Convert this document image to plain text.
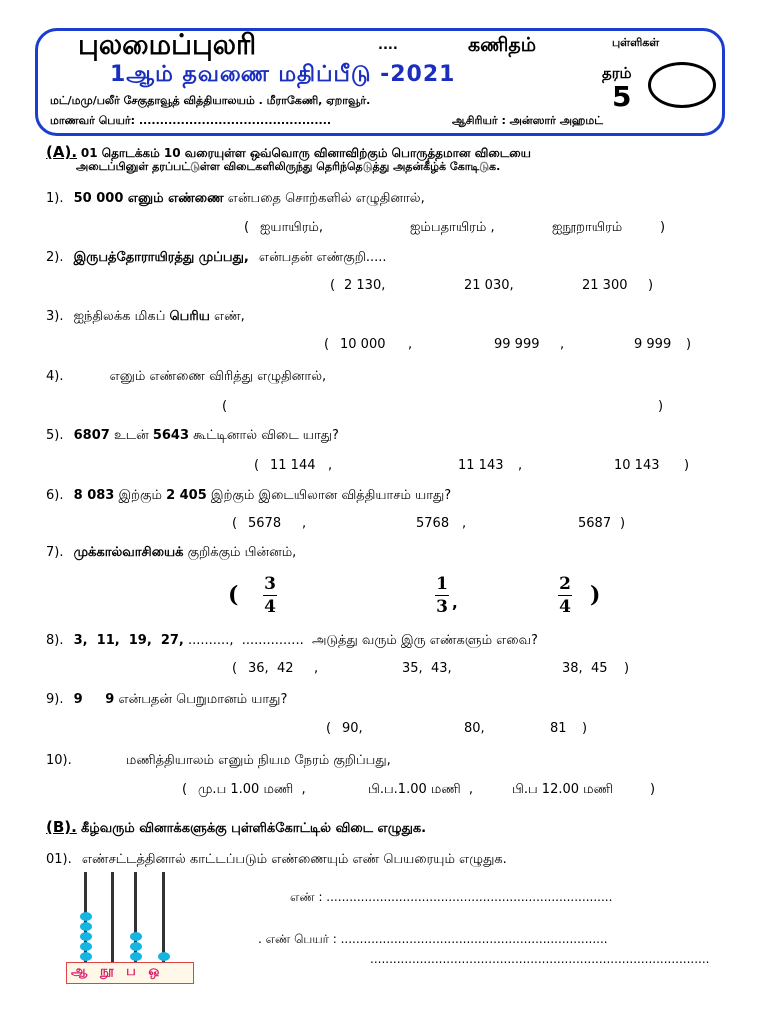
புலமைப்புலரி	....	கணிதம்	புள்ளிகள்
1ஆம் தவணை மதிப்பீடு -2021	தரம்
5
மட்/மமு/பலீர் சேகுதாவூத் வித்தியாலயம் . மீராகேணி, ஏறாவூர்.
மாணவர் பெயர்: ..............................................	ஆசிரியர் : அன்ஸார் அஹமட்
(A). 01 தொடக்கம் 10 வரையுள்ள ஒவ்வொரு வினாவிற்கும் பொருத்தமான விடையை
அடைப்பினுள் தரப்பட்டுள்ள விடைகளிலிருந்து தெரிந்தெடுத்து அதன்கீழ்க் கோடிடுக.
1). 50 000 எனும் எண்ணை என்பதை சொற்களில் எழுதினால்,
( ஐயாயிரம்,	ஐம்பதாயிரம் ,	ஐநூறாயிரம்	)
2). இருபத்தோராயிரத்து முப்பது, என்பதன் எண்குறி.....
( 2 130,	21 030,	21 300 )
3). ஐந்திலக்க மிகப் பெரிய எண்,
( 10 000 ,	99 999 ,	9 999 )
4).	எனும் எண்ணை விரித்து எழுதினால்,
(	)
5). 6807 உடன் 5643 கூட்டினால் விடை யாது?
( 11 144 ,	11 143 ,	10 143 )
6). 8 083 இற்கும் 2 405 இற்கும் இடையிலான வித்தியாசம் யாது?
( 5678 ,	5768 ,	5687 )
7). முக்கால்வாசியைக் குறிக்கும் பின்னம்,
( 3
4
1
3 ,
2
4 )
8). 3,  11,  19,  27, ..........,  ...............  அடுத்து வரும் இரு எண்களும் எவை?
( 36,  42 ,	35,  43,	38,  45 )
9). 9     9 என்பதன் பெறுமானம் யாது?
( 90,	80,	81 )
10).	மணித்தியாலம் எனும் நியம நேரம் குறிப்பது,
( மு.ப 1.00 மணி  ,	பி.ப.1.00 மணி  ,	பி.ப 12.00 மணி	)
(B). கீழ்வரும் வினாக்களுக்கு புள்ளிக்கோட்டில் விடை எழுதுக.
01). எண்சட்டத்தினால் காட்டப்படும் எண்ணையும் எண் பெயரையும் எழுதுக.
ஆ நூ ப ஒ
எண் : ...........................................................................
. எண் பெயர் : ......................................................................
.........................................................................................
